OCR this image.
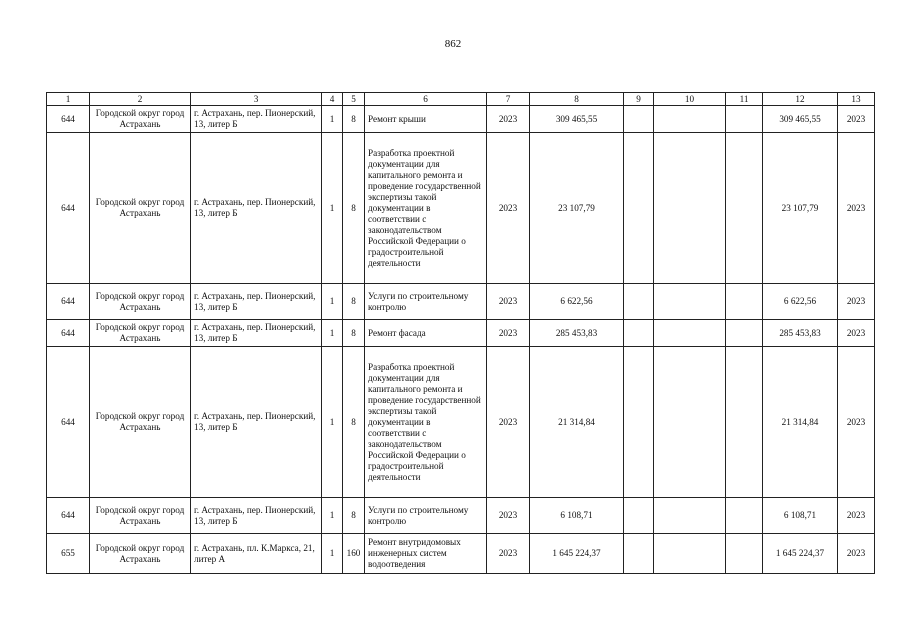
862
1	2	3	4	5	6	7	8	9	10	11	12	13
644	Городской округ город Астрахань	г. Астрахань, пер. Пионерский, 13, литер Б	1	8	Ремонт крыши	2023	309 465,55				309 465,55	2023
644	Городской округ город Астрахань	г. Астрахань, пер. Пионерский, 13, литер Б	1	8	Разработка проектной документации для капитального ремонта и проведение государственной экспертизы такой документации в соответствии с законодательством Российской Федерации о градостроительной деятельности	2023	23 107,79				23 107,79	2023
644	Городской округ город Астрахань	г. Астрахань, пер. Пионерский, 13, литер Б	1	8	Услуги по строительному контролю	2023	6 622,56				6 622,56	2023
644	Городской округ город Астрахань	г. Астрахань, пер. Пионерский, 13, литер Б	1	8	Ремонт фасада	2023	285 453,83				285 453,83	2023
644	Городской округ город Астрахань	г. Астрахань, пер. Пионерский, 13, литер Б	1	8	Разработка проектной документации для капитального ремонта и проведение государственной экспертизы такой документации в соответствии с законодательством Российской Федерации о градостроительной деятельности	2023	21 314,84				21 314,84	2023
644	Городской округ город Астрахань	г. Астрахань, пер. Пионерский, 13, литер Б	1	8	Услуги по строительному контролю	2023	6 108,71				6 108,71	2023
655	Городской округ город Астрахань	г. Астрахань, пл. К.Маркса, 21, литер А	1	160	Ремонт внутридомовых инженерных систем водоотведения	2023	1 645 224,37				1 645 224,37	2023
